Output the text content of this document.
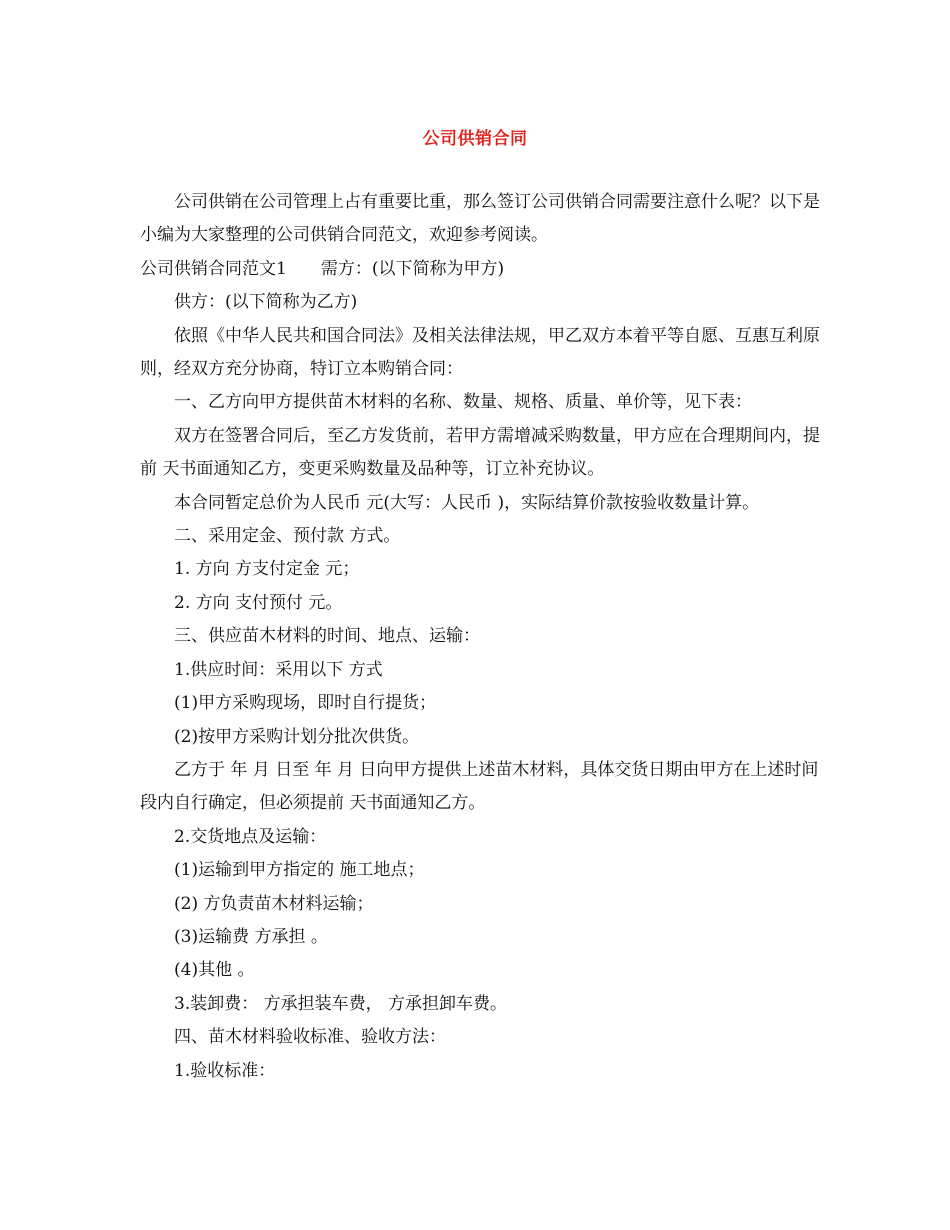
公司供销合同

公司供销在公司管理上占有重要比重，那么签订公司供销合同需要注意什么呢？以下是小编为大家整理的公司供销合同范文，欢迎参考阅读。

公司供销合同范文1　　需方：(以下简称为甲方)

供方：(以下简称为乙方)

依照《中华人民共和国合同法》及相关法律法规，甲乙双方本着平等自愿、互惠互利原则，经双方充分协商，特订立本购销合同：

一、乙方向甲方提供苗木材料的名称、数量、规格、质量、单价等，见下表：

双方在签署合同后，至乙方发货前，若甲方需增减采购数量，甲方应在合理期间内，提前 天书面通知乙方，变更采购数量及品种等，订立补充协议。

本合同暂定总价为人民币 元(大写：人民币 )，实际结算价款按验收数量计算。

二、采用定金、预付款 方式。

1. 方向 方支付定金 元；

2. 方向 支付预付 元。

三、供应苗木材料的时间、地点、运输：

1.供应时间：采用以下 方式

(1)甲方采购现场，即时自行提货；

(2)按甲方采购计划分批次供货。

乙方于 年 月 日至 年 月 日向甲方提供上述苗木材料，具体交货日期由甲方在上述时间段内自行确定，但必须提前 天书面通知乙方。

2.交货地点及运输：

(1)运输到甲方指定的 施工地点；

(2) 方负责苗木材料运输；

(3)运输费 方承担 。

(4)其他 。

3.装卸费： 方承担装车费， 方承担卸车费。

四、苗木材料验收标准、验收方法：

1.验收标准：
